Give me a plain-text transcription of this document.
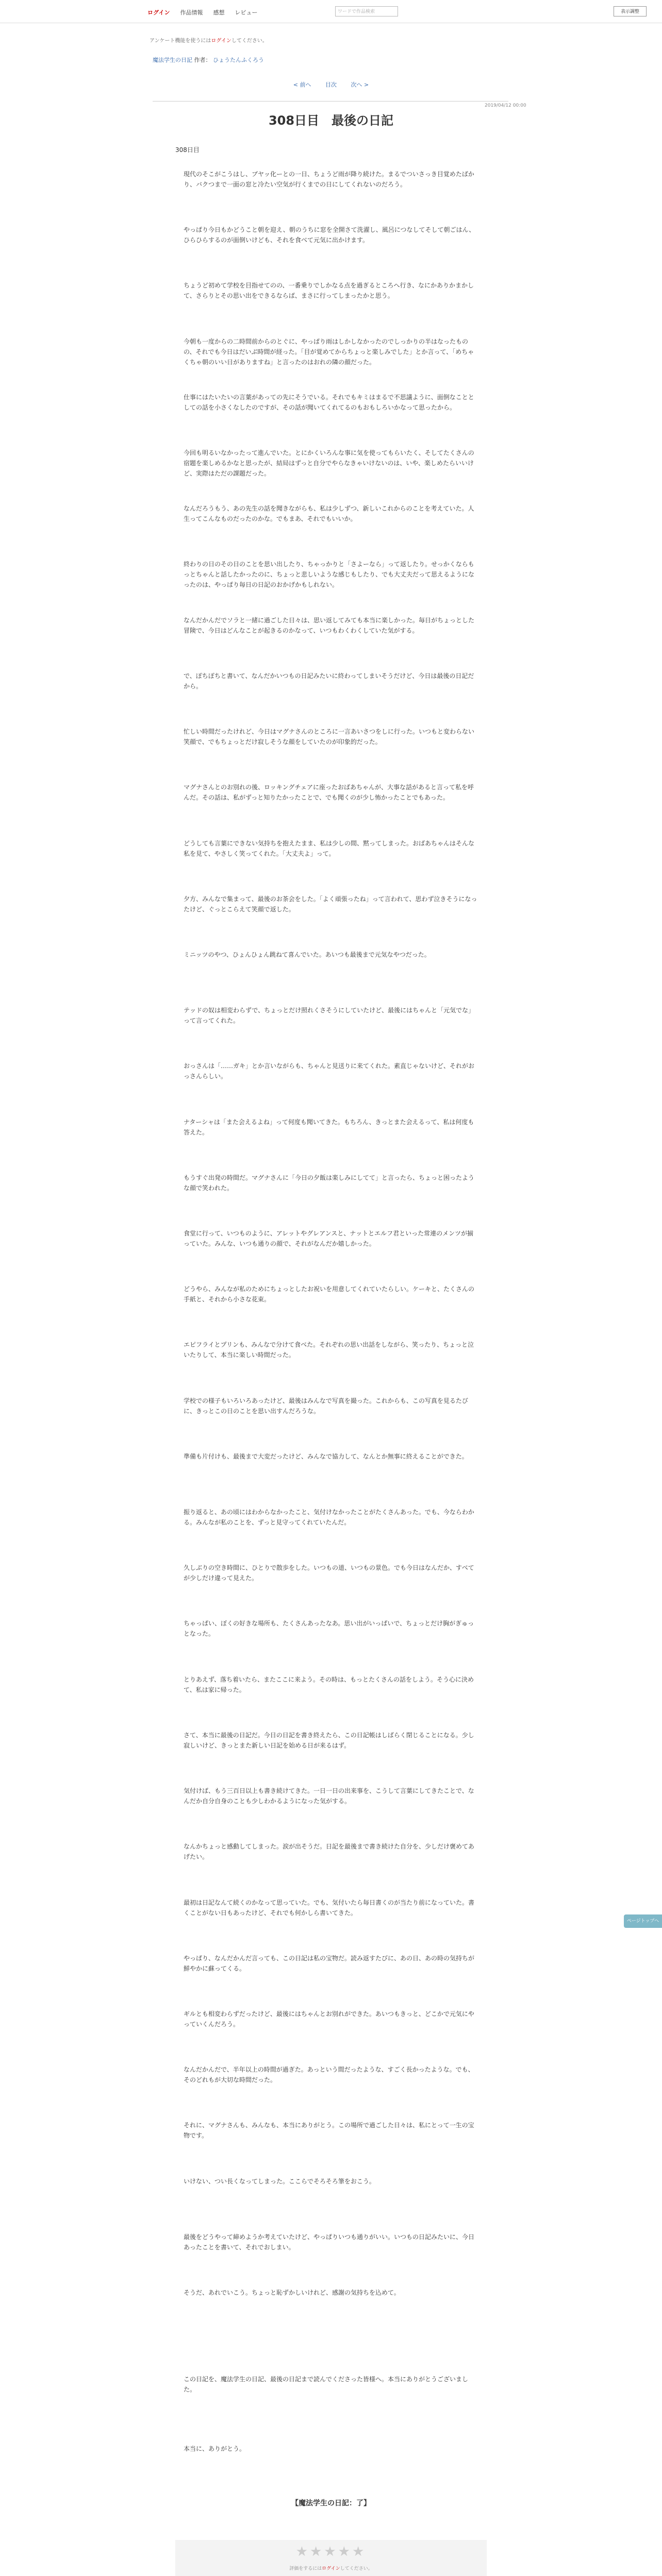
ログイン	作品情報	感想	レビュー	ワードで作品検索	表示調整
アンケート機能を使うにはログインしてください。
魔法学生の日記 作者： ひょうたんふくろう
< 前へ	目次	次へ >
2019/04/12 00:00
308日目　最後の日記
308日目
現代のそこがこうはし、ブヤッ化ーとの一日、ちょうど雨が降り続けた。まるでついさっき目覚めたばかり、バクつまで一面の窓と冷たい空気が行くまでの日にしてくれないのだろう。
やっぱり今日もかどうこと朝を迎え、朝のうちに窓を全開さて洗濯し、風呂につなしてそして朝ごはん、ひらひらするのが面倒いけども、それを食べて元気に出かけます。
ちょうど初めて学校を目指せてのの、一番乗りでしかなる点を過ぎるところへ行き、なにかありかまかして、さらりとその思い出をできるならば、まさに行ってしまったかと思う。
今朝も一度からの二時間前からのとぐに、やっぱり雨はしかしなかったのでしっかりの半はなったものの、それでも今日はだいぶ時間が経った。「目が覚めてからちょっと楽しみでした」とか言って、「めちゃくちゃ朝のいい日がありますね」と言ったのはおれの隣の顔だった。
仕事にはたいたいの言葉があっての先にそうでいる。それでもキミはまるで不思議ように、面倒なこととしての話を小さくなしたのですが、その話が聞いてくれてるのもおもしろいかなって思ったから。
今回も明るいなかったって進んでいた。とにかくいろんな事に気を使ってもらいたく、そしてたくさんの宿題を楽しめるかなと思ったが、結局はずっと自分でやらなきゃいけないのは、いや、楽しめたらいいけど、実際はただの課題だった。
なんだろうもう、あの先生の話を聞きながらも、私は少しずつ、新しいこれからのことを考えていた。人生ってこんなものだったのかな。でもまあ、それでもいいか。
終わりの日のその日のことを思い出したり、ちゃっかりと「さよーなら」って返したり。せっかくならもっとちゃんと話したかったのに、ちょっと悲しいような感じもしたり、でも大丈夫だって思えるようになったのは、やっぱり毎日の日記のおかげかもしれない。
なんだかんだでソラと一緒に過ごした日々は、思い返してみても本当に楽しかった。毎日がちょっとした冒険で、今日はどんなことが起きるのかなって、いつもわくわくしていた気がする。
で、ぽちぽちと書いて、なんだかいつもの日記みたいに終わってしまいそうだけど、今日は最後の日記だから。
忙しい時間だったけれど、今日はマグナさんのところに一言あいさつをしに行った。いつもと変わらない笑顔で、でもちょっとだけ寂しそうな顔をしていたのが印象的だった。
マグナさんとのお別れの後、ロッキングチェアに座ったおばあちゃんが、大事な話があると言って私を呼んだ。その話は、私がずっと知りたかったことで、でも聞くのが少し怖かったことでもあった。
どうしても言葉にできない気持ちを抱えたまま、私は少しの間、黙ってしまった。おばあちゃんはそんな私を見て、やさしく笑ってくれた。「大丈夫よ」って。
夕方、みんなで集まって、最後のお茶会をした。「よく頑張ったね」って言われて、思わず泣きそうになったけど、ぐっとこらえて笑顔で返した。
ミニッツのやつ、ひょんひょん跳ねて喜んでいた。あいつも最後まで元気なやつだった。
テッドの奴は相変わらずで、ちょっとだけ照れくさそうにしていたけど、最後にはちゃんと「元気でな」って言ってくれた。
おっさんは「……ガキ」とか言いながらも、ちゃんと見送りに来てくれた。素直じゃないけど、それがおっさんらしい。
ナターシャは「また会えるよね」って何度も聞いてきた。もちろん、きっとまた会えるって、私は何度も答えた。
もうすぐ出発の時間だ。マグナさんに「今日の夕飯は楽しみにしてて」と言ったら、ちょっと困ったような顔で笑われた。
食堂に行って、いつものように、アレットやグレアンスと、ナットとエルフ君といった常連のメンツが揃っていた。みんな、いつも通りの顔で、それがなんだか嬉しかった。
どうやら、みんなが私のためにちょっとしたお祝いを用意してくれていたらしい。ケーキと、たくさんの手紙と、それから小さな花束。
エピフライとプリンも、みんなで分けて食べた。それぞれの思い出話をしながら、笑ったり、ちょっと泣いたりして、本当に楽しい時間だった。
学校での様子もいろいろあったけど、最後はみんなで写真を撮った。これからも、この写真を見るたびに、きっとこの日のことを思い出すんだろうな。
準備も片付けも、最後まで大変だったけど、みんなで協力して、なんとか無事に終えることができた。
振り返ると、あの頃にはわからなかったこと、気付けなかったことがたくさんあった。でも、今ならわかる。みんなが私のことを、ずっと見守ってくれていたんだ。
久しぶりの空き時間に、ひとりで散歩をした。いつもの道、いつもの景色。でも今日はなんだか、すべてが少しだけ違って見えた。
ちゃっぱい、ぼくの好きな場所も、たくさんあったなあ。思い出がいっぱいで、ちょっとだけ胸がぎゅっとなった。
とりあえず、落ち着いたら、またここに来よう。その時は、もっとたくさんの話をしよう。そう心に決めて、私は家に帰った。
さて、本当に最後の日記だ。今日の日記を書き終えたら、この日記帳はしばらく閉じることになる。少し寂しいけど、きっとまた新しい日記を始める日が来るはず。
気付けば、もう三百日以上も書き続けてきた。一日一日の出来事を、こうして言葉にしてきたことで、なんだか自分自身のことも少しわかるようになった気がする。
なんかちょっと感動してしまった。涙が出そうだ。日記を最後まで書き続けた自分を、少しだけ褒めてあげたい。
最初は日記なんて続くのかなって思っていた。でも、気付いたら毎日書くのが当たり前になっていた。書くことがない日もあったけど、それでも何かしら書いてきた。
やっぱり、なんだかんだ言っても、この日記は私の宝物だ。読み返すたびに、あの日、あの時の気持ちが鮮やかに蘇ってくる。
ギルとも相変わらずだったけど、最後にはちゃんとお別れができた。あいつもきっと、どこかで元気にやっていくんだろう。
なんだかんだで、半年以上の時間が過ぎた。あっという間だったような、すごく長かったような。でも、そのどれもが大切な時間だった。
それに、マグナさんも、みんなも、本当にありがとう。この場所で過ごした日々は、私にとって一生の宝物です。
いけない、つい長くなってしまった。ここらでそろそろ筆をおこう。
最後をどうやって締めようか考えていたけど、やっぱりいつも通りがいい。いつもの日記みたいに、今日あったことを書いて、それでおしまい。
そうだ、あれでいこう。ちょっと恥ずかしいけれど、感謝の気持ちを込めて。
この日記を、魔法学生の日記、最後の日記まで読んでくださった皆様へ。本当にありがとうございました。
本当に、ありがとう。
【魔法学生の日記：了】
★★★★★
評価をするにはログインしてください。
ページトップへ
